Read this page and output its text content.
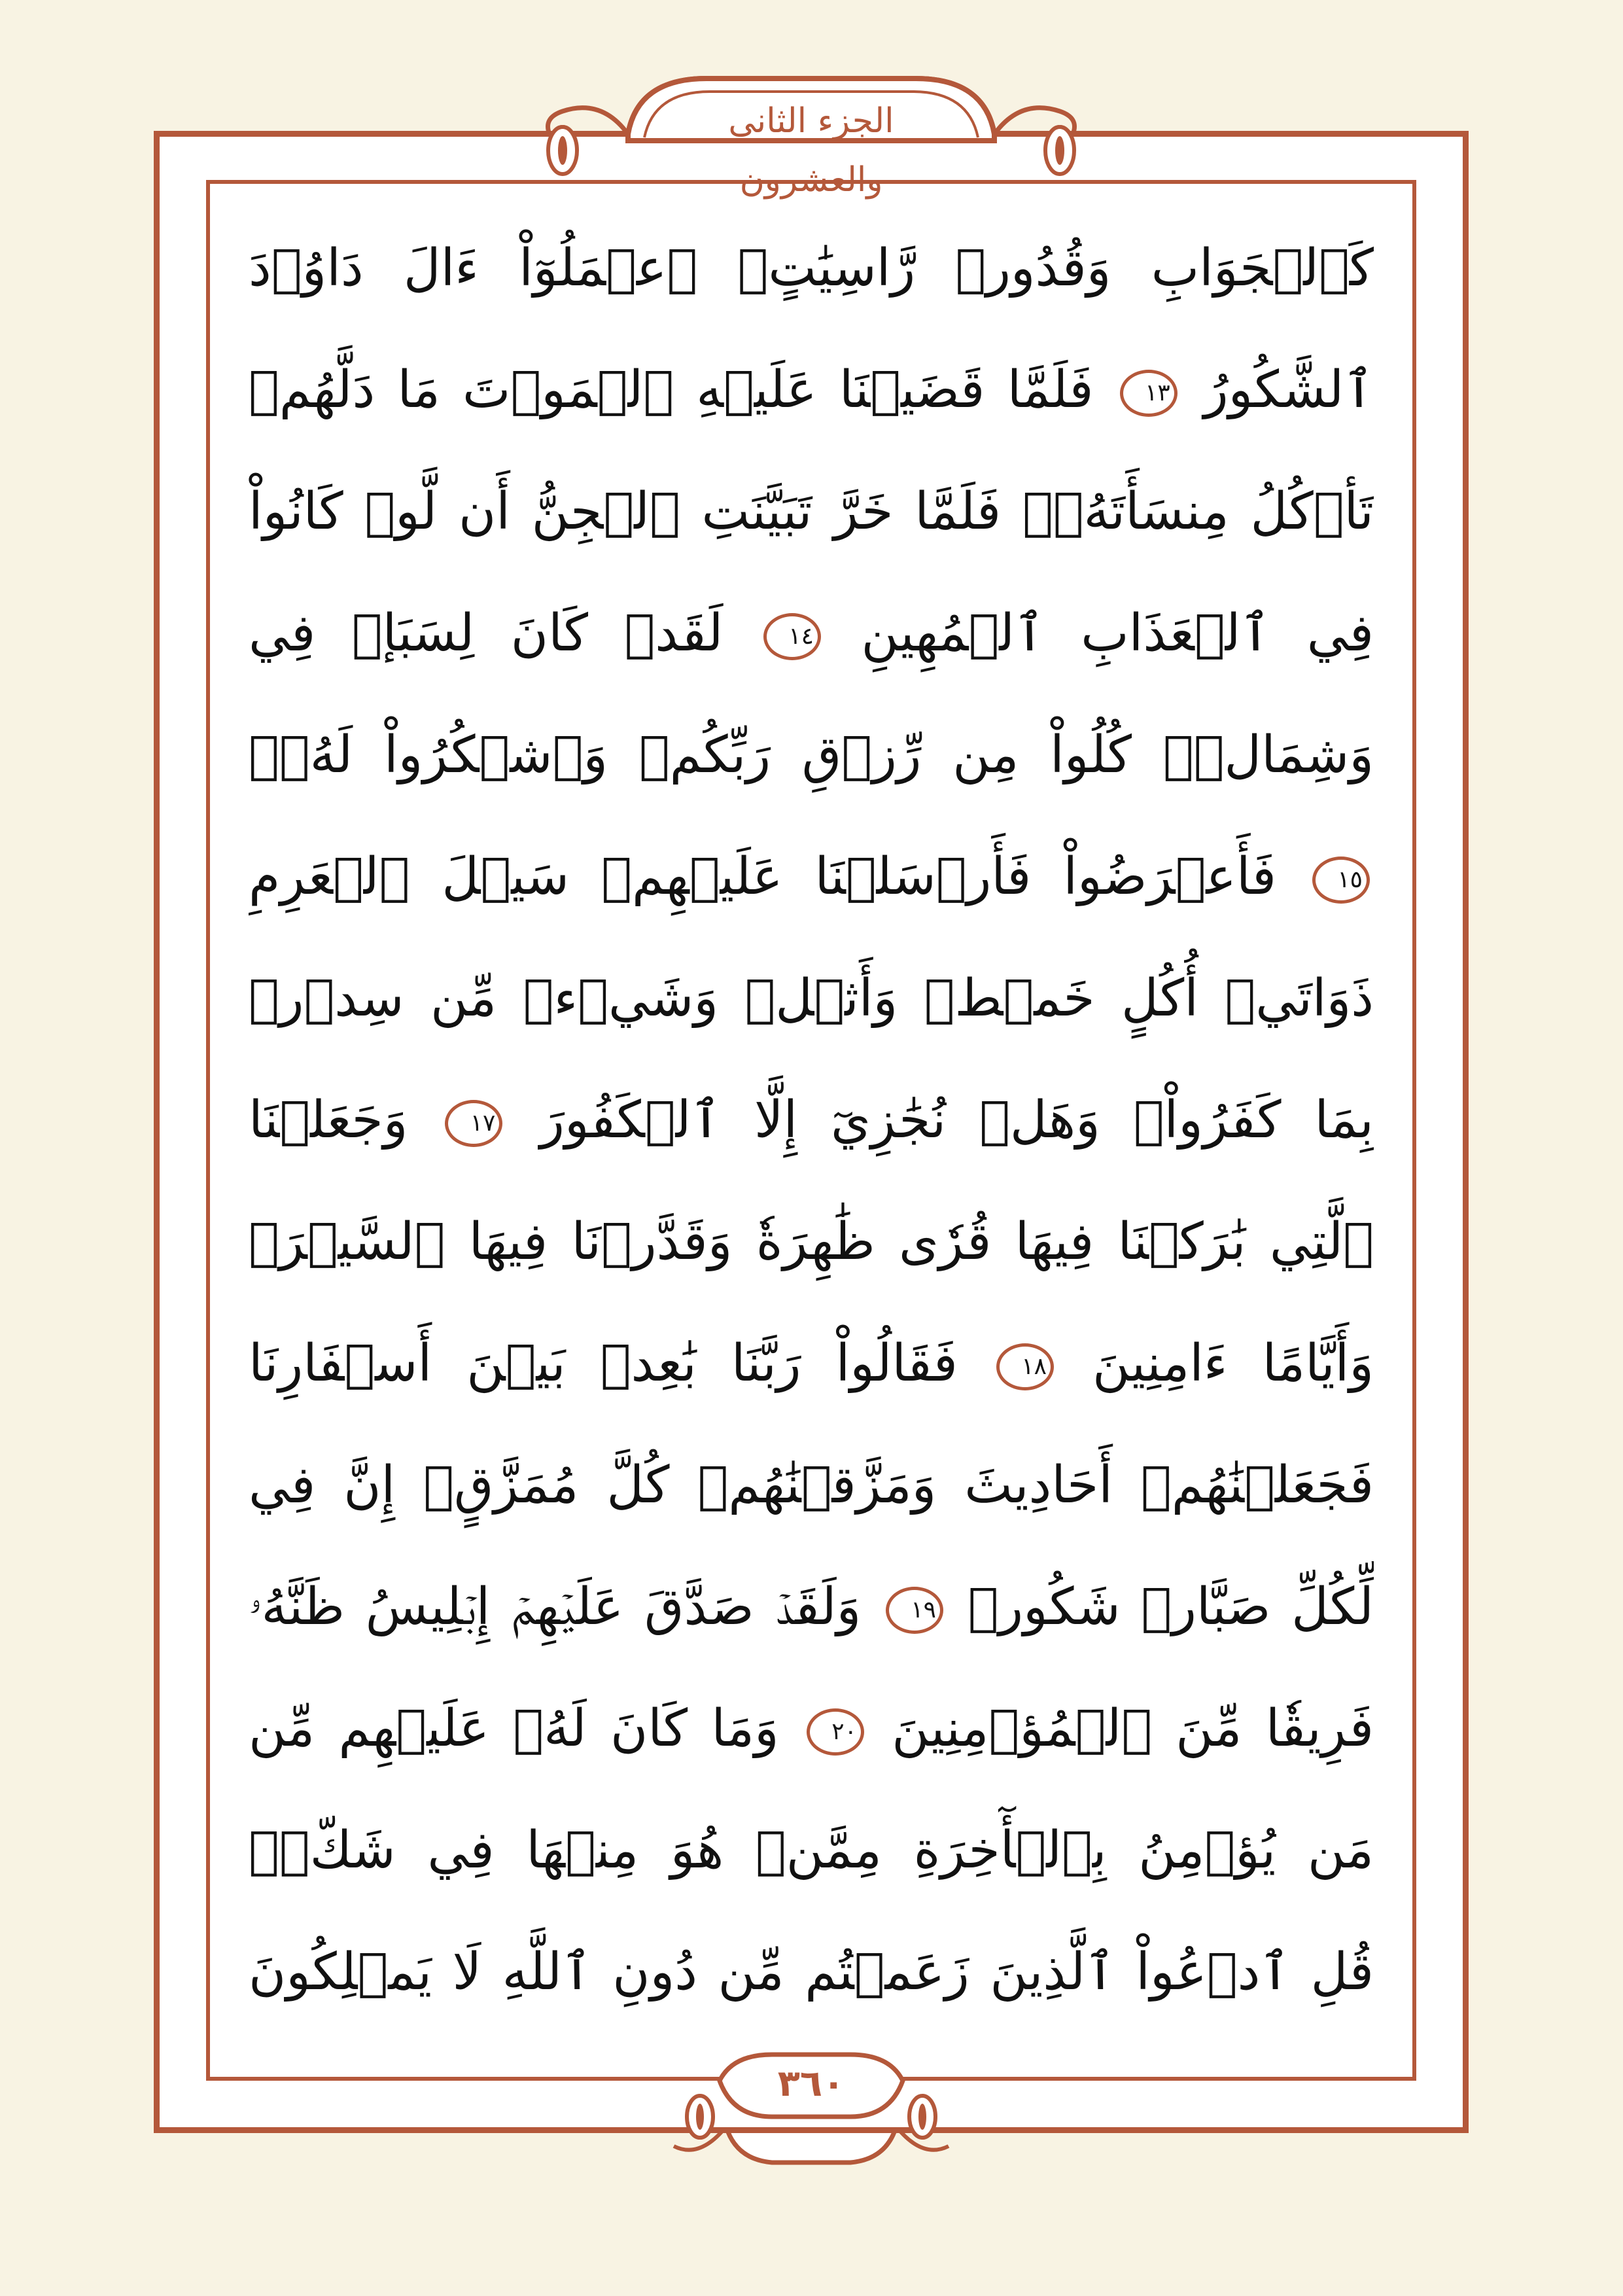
الجزء الثاني والعشرون
كَٱلۡجَوَابِ وَقُدُورٖ رَّاسِيَٰتٍۚ ٱعۡمَلُوٓاْ ءَالَ دَاوُۥدَ
ٱلشَّكُورُ ١٣ فَلَمَّا قَضَيۡنَا عَلَيۡهِ ٱلۡمَوۡتَ مَا دَلَّهُمۡ
تَأۡكُلُ مِنسَأَتَهُۥۖ فَلَمَّا خَرَّ تَبَيَّنَتِ ٱلۡجِنُّ أَن لَّوۡ كَانُواْ
فِي ٱلۡعَذَابِ ٱلۡمُهِينِ ١٤ لَقَدۡ كَانَ لِسَبَإٖ فِي
وَشِمَالٖۖ كُلُواْ مِن رِّزۡقِ رَبِّكُمۡ وَٱشۡكُرُواْ لَهُۥۚ
١٥ فَأَعۡرَضُواْ فَأَرۡسَلۡنَا عَلَيۡهِمۡ سَيۡلَ ٱلۡعَرِمِ
ذَوَاتَيۡ أُكُلٍ خَمۡطٖ وَأَثۡلٖ وَشَيۡءٖ مِّن سِدۡرٖ
بِمَا كَفَرُواْۖ وَهَلۡ نُجَٰزِيٓ إِلَّا ٱلۡكَفُورَ ١٧ وَجَعَلۡنَا
ٱلَّتِي بَٰرَكۡنَا فِيهَا قُرٗى ظَٰهِرَةٗ وَقَدَّرۡنَا فِيهَا ٱلسَّيۡرَۖ
وَأَيَّامًا ءَامِنِينَ ١٨ فَقَالُواْ رَبَّنَا بَٰعِدۡ بَيۡنَ أَسۡفَارِنَا
فَجَعَلۡنَٰهُمۡ أَحَادِيثَ وَمَزَّقۡنَٰهُمۡ كُلَّ مُمَزَّقٍۚ إِنَّ فِي
لِّكُلِّ صَبَّارٖ شَكُورٖ ١٩ وَلَقَدۡ صَدَّقَ عَلَيۡهِمۡ إِبۡلِيسُ ظَنَّهُۥ
فَرِيقٗا مِّنَ ٱلۡمُؤۡمِنِينَ ٢٠ وَمَا كَانَ لَهُۥ عَلَيۡهِم مِّن
مَن يُؤۡمِنُ بِٱلۡأٓخِرَةِ مِمَّنۡ هُوَ مِنۡهَا فِي شَكّٖۗ
قُلِ ٱدۡعُواْ ٱلَّذِينَ زَعَمۡتُم مِّن دُونِ ٱللَّهِ لَا يَمۡلِكُونَ
٣٦٠
